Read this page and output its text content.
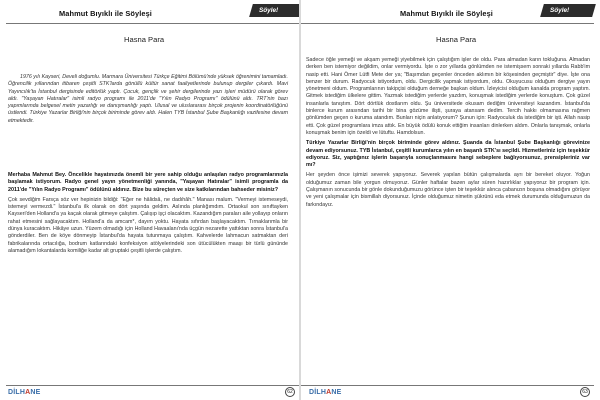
Mahmut Bıyıklı ile Söyleşi	Söyle!
Hasna Para
1976 yılı Kayseri, Develi doğumlu. Marmara Üniversitesi Türkçe Eğitimi Bölümü'nde yüksek öğrenimini tamamladı. Öğrencilik yıllarından itibaren çeşitli STK'larda gönüllü kültür sanat faaliyetlerinde bulunup dergiler çıkardı. Mavi Yayıncılık'ta İstanbul dergisinde editörlük yaptı. Çocuk, gençlik ve şehir dergilerinde yazı işleri müdürü olarak görev aldı. "Yaşayan Hatıralar" isimli radyo programı ile 2011'de "Yılın Radyo Programı" ödülünü aldı. TRT'nin bazı yapımlarında belgesel metin yazarlığı ve danışmanlığı yaptı. Ulusal ve uluslararası birçok projenin koordinatörlüğünü üstlendi. Türkiye Yazarlar Birliği'nin birçok biriminde görev aldı. Halen TYB İstanbul Şube Başkanlığı vazifesine devam etmektedir.

Merhaba Mahmut Bey. Öncelikle hayatınızda önemli bir yere sahip olduğu anlaşılan radyo programlarınızla başlamak istiyorum. Radyo genel yayın yönetmenliği yanında, "Yaşayan Hatıralar" isimli programla da 2011'de "Yılın Radyo Programı" ödülünü aldınız. Bize bu süreçten ve size katkılarından bahseder misiniz?

Çok sevdiğim Farsça söz ver hepinizin bildiği: "Eğer ne hâlidsâ, ne dadıhâh." Manası malum. "Vermeyi istemeseydi, istemeyi vermezdi." İstanbul'a ilk olarak on dört yaşında geldim. Aslında planlığımdım. Ortaokul son sınıftayken Kayseri'den Holland'a ya kaçak olarak gitmeye çalıştım. Çalışıp işçi olacaktım. Kazandığım paraları aile yollayıp onların rahat etmesini sağlayacaktım. Holland'a da amcam*, dayım yoktu. Hayata sıfırdan başlayacaktım. Tırnaklarımla bir dünya kuracaktım. Hikâye uzun. Yüzem olmadığı için Holland Havaalanı'nda üçgün nezarette yattıktan sonra İstanbul'a gönderdiler. Ben de köye dönmeyip İstanbul'da hayata tutunmaya çalıştım. Kahvelerde lahmacun satmaktan deri fabrikalarında ortacılığa, bodrum katlarındaki konfeksiyon atölyelerindeki son ütücülükten maaşı bir türlü gününde alamadığım lokantalarda komiliğe kadar alt gruptaki çeşitli işlerde çalıştım.

DİLHANE	62
Mahmut Bıyıklı ile Söyleşi	Söyle!
Hasna Para

Sadece öğle yemeği ve akşam yemeği yiyebilmek için çalıştığım işler de oldu. Para almadan karın tokluğuna. Almadan derken ben istemiyor değildim, onlar vermiyordu. İşte o zor yıllarda gönlümden ne istemişsem sonraki yıllarda Rabb'im nasip etti. Hani Ömer Lütfi Mete der ya; "Başımdan geçenler önceden aklımın bir köşesinden geçmiştir" diye. İşte ona benzer bir durum. Radyocuk istiyordum, oldu. Dergicilik yapmak istiyordum, oldu. Okuyucusu olduğum dergiye yayın yönetmeni oldum. Programlarının takipçisi olduğum derneğe başkan oldum. İzleyicisi olduğum kanalda program yaptım. Gitmek istediğim ülkelere gittim. Yazmak istediğim yerlerde yazdım, konuşmak istediğim yerlerde konuştum. Çok güzel insanlarla tanıştım. Dört dörtlük dostlarım oldu. Şu üniversitede okusam dediğim üniversiteyi kazandım. İstanbul'da binlerce kurum arasından tarihi bir bina gözüme ilişti, şuraya atansam dedim. Tercih hakkı olmamasına rağmen gönlümden geçen o kuruma atandım. Bunları niçin anlatıyorum? Şunun için: Radyoculuk da istediğim bir işti. Allah nasip etti. Çok güzel programlara imza attık. En büyük ödülü konuk ettiğim insanları dinlerken aldım. Onlarla tanışmak, onlarla konuşmak benim için özeldi ve lütuftu. Hamdolsun.

Türkiye Yazarlar Birliği'nin birçok biriminde görev aldınız. Şuanda da İstanbul Şube Başkanlığı görevinize devam ediyorsunuz. TYB İstanbul, çeşitli kurumlarca yılın en başarılı STK'sı seçildi. Hizmetleriniz için teşekkür ediyoruz. Siz, yaptığınız işlerin başarıyla sonuçlanmasını hangi sebeplere bağlıyorsunuz, prensipleriniz var mı?

Her şeyden önce işimizi severek yapıyoruz. Severek yapılan bütün çalışmalarda ayrı bir bereket oluyor. Yoğun olduğumuz zaman bile yorgun olmuyoruz. Günler haftalar bazen aylar süren hazırlıklar yapıyoruz bir program için. Çalışmanın sonucunda bir gönle dokunduğumuzu görünce işten bir teşekkür alınca çabanızın boşuna olmadığını görüyor ve yeni çalışmalar için bismillah diyorsunuz. İçinde olduğumuz nimetin şükrünü eda etmek durumunda olduğumuzun da farkındayız.

DİLHANE	63
